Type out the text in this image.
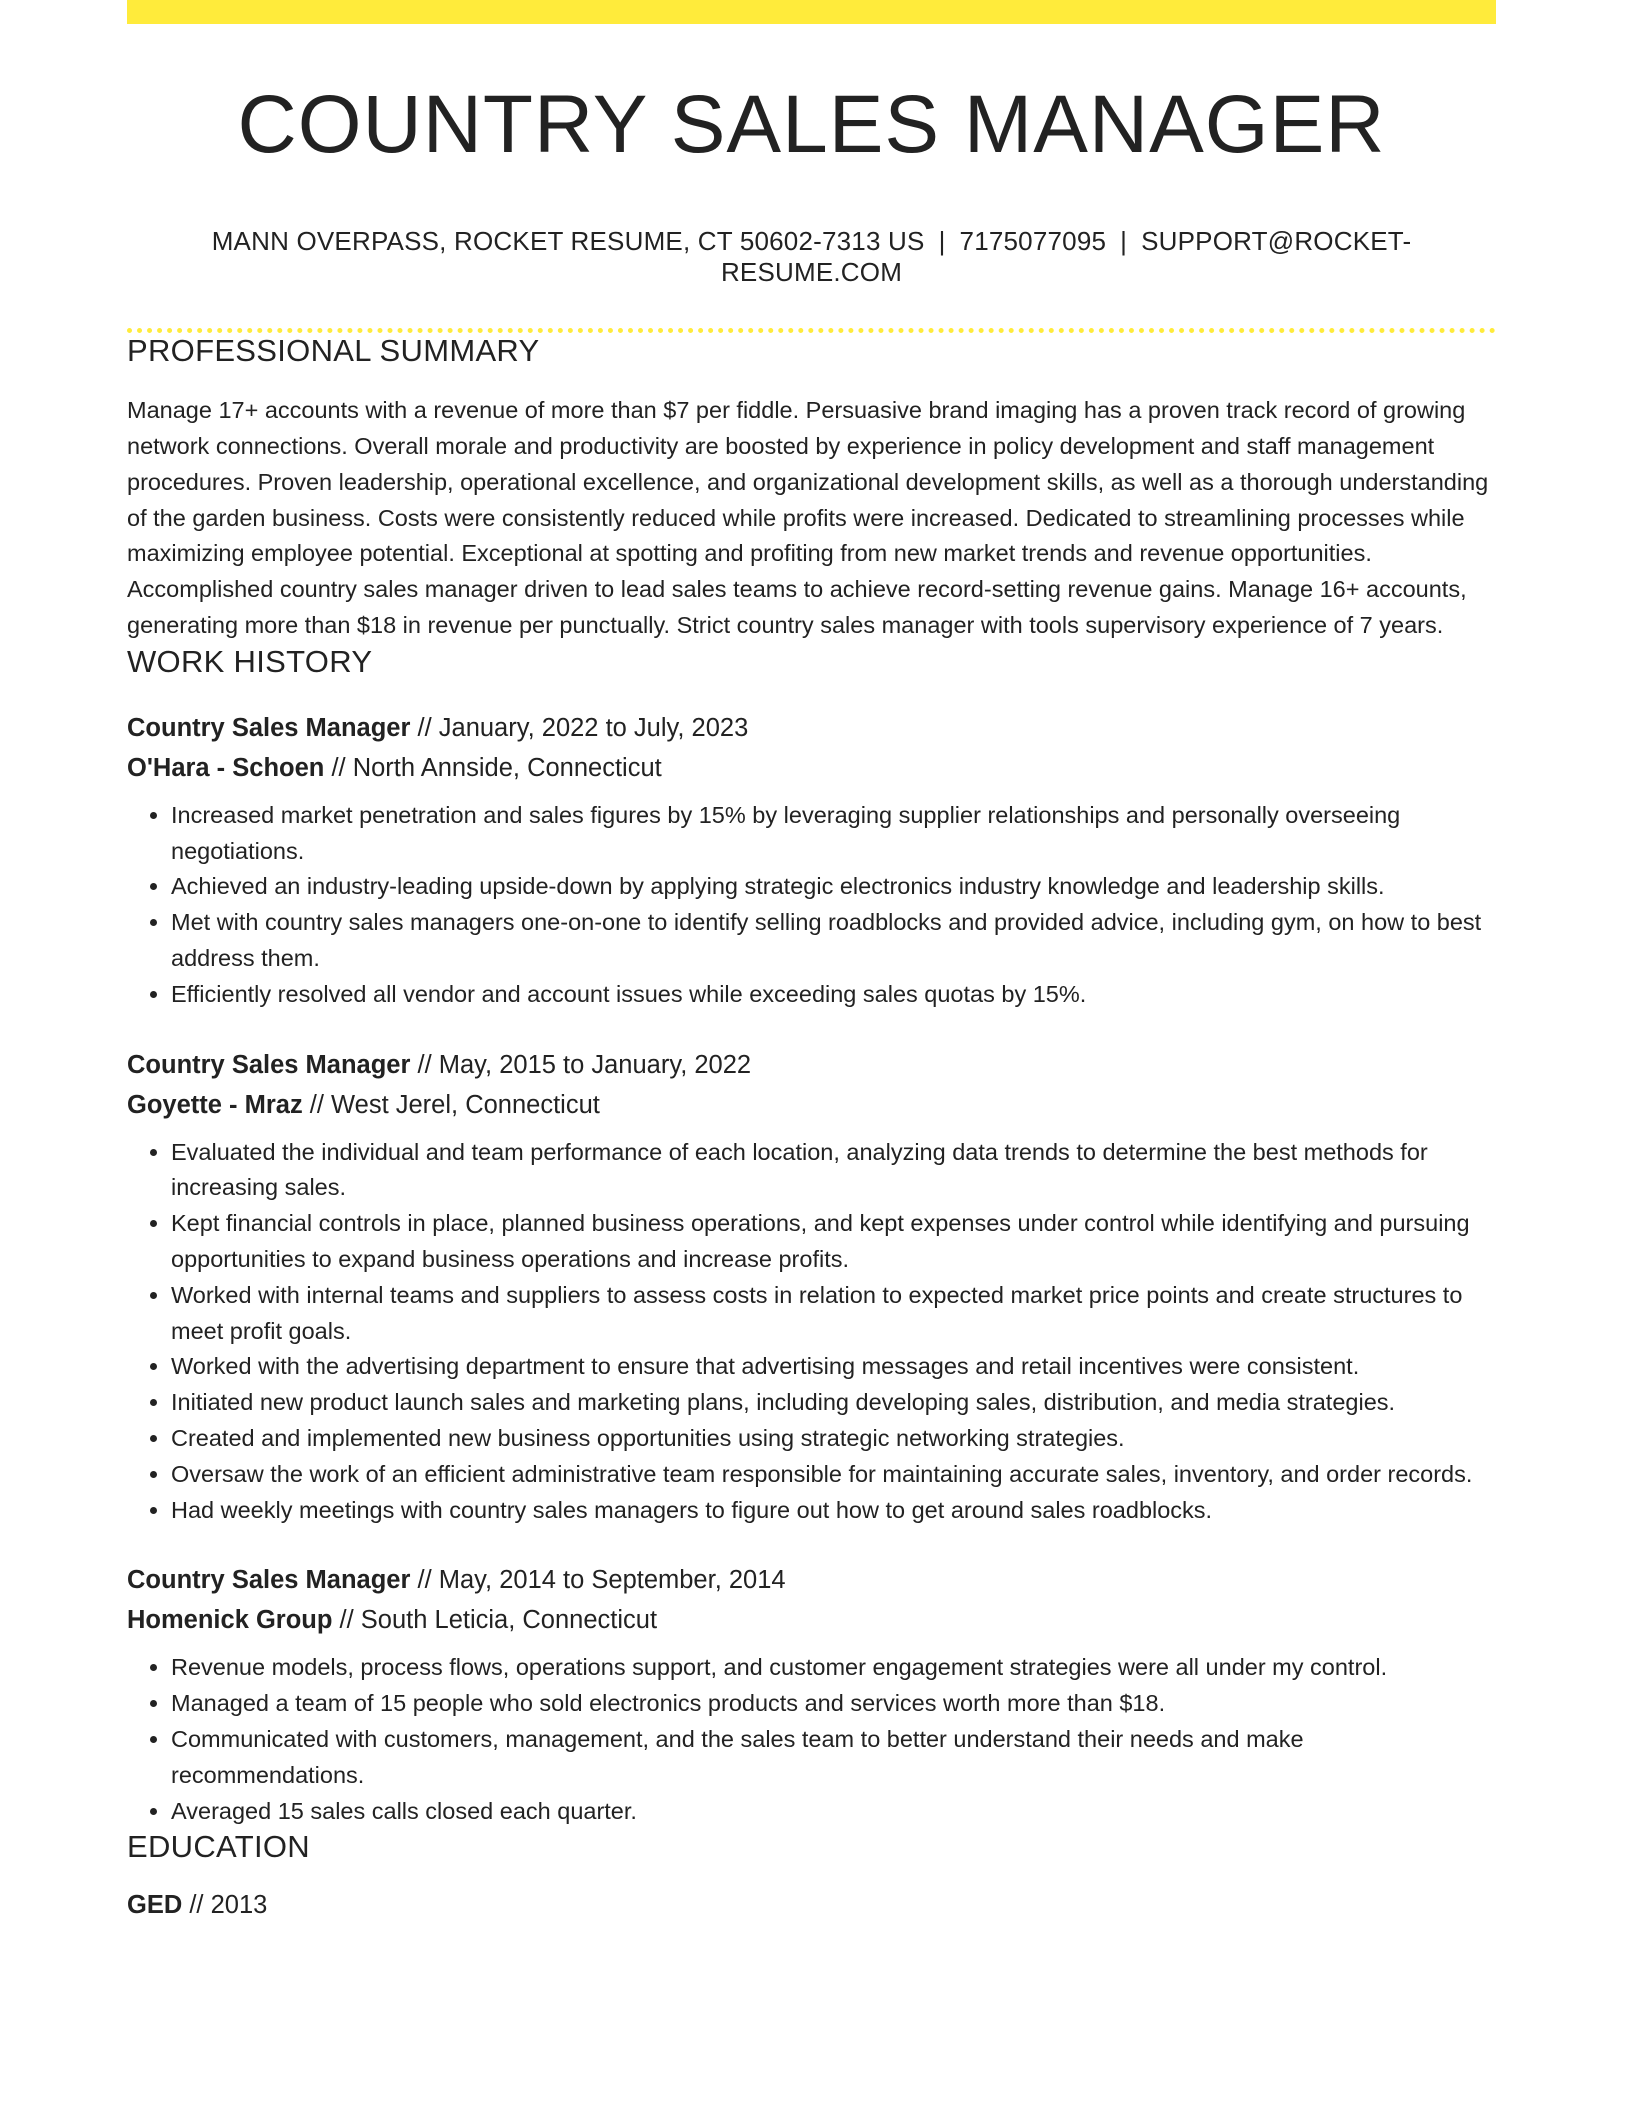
COUNTRY SALES MANAGER
MANN OVERPASS, ROCKET RESUME, CT 50602-7313 US | 7175077095 | SUPPORT@ROCKET-RESUME.COM
PROFESSIONAL SUMMARY

Manage 17+ accounts with a revenue of more than $7 per fiddle. Persuasive brand imaging has a proven track record of growing network connections. Overall morale and productivity are boosted by experience in policy development and staff management procedures. Proven leadership, operational excellence, and organizational development skills, as well as a thorough understanding of the garden business. Costs were consistently reduced while profits were increased. Dedicated to streamlining processes while maximizing employee potential. Exceptional at spotting and profiting from new market trends and revenue opportunities. Accomplished country sales manager driven to lead sales teams to achieve record-setting revenue gains. Manage 16+ accounts, generating more than $18 in revenue per punctually. Strict country sales manager with tools supervisory experience of 7 years.

WORK HISTORY
Country Sales Manager // January, 2022 to July, 2023
O'Hara - Schoen // North Annside, Connecticut
• Increased market penetration and sales figures by 15% by leveraging supplier relationships and personally overseeing negotiations.
• Achieved an industry-leading upside-down by applying strategic electronics industry knowledge and leadership skills.
• Met with country sales managers one-on-one to identify selling roadblocks and provided advice, including gym, on how to best address them.
• Efficiently resolved all vendor and account issues while exceeding sales quotas by 15%.
Country Sales Manager // May, 2015 to January, 2022
Goyette - Mraz // West Jerel, Connecticut
• Evaluated the individual and team performance of each location, analyzing data trends to determine the best methods for increasing sales.
• Kept financial controls in place, planned business operations, and kept expenses under control while identifying and pursuing opportunities to expand business operations and increase profits.
• Worked with internal teams and suppliers to assess costs in relation to expected market price points and create structures to meet profit goals.
• Worked with the advertising department to ensure that advertising messages and retail incentives were consistent.
• Initiated new product launch sales and marketing plans, including developing sales, distribution, and media strategies.
• Created and implemented new business opportunities using strategic networking strategies.
• Oversaw the work of an efficient administrative team responsible for maintaining accurate sales, inventory, and order records.
• Had weekly meetings with country sales managers to figure out how to get around sales roadblocks.
Country Sales Manager // May, 2014 to September, 2014
Homenick Group // South Leticia, Connecticut
• Revenue models, process flows, operations support, and customer engagement strategies were all under my control.
• Managed a team of 15 people who sold electronics products and services worth more than $18.
• Communicated with customers, management, and the sales team to better understand their needs and make recommendations.
• Averaged 15 sales calls closed each quarter.
EDUCATION
GED // 2013
